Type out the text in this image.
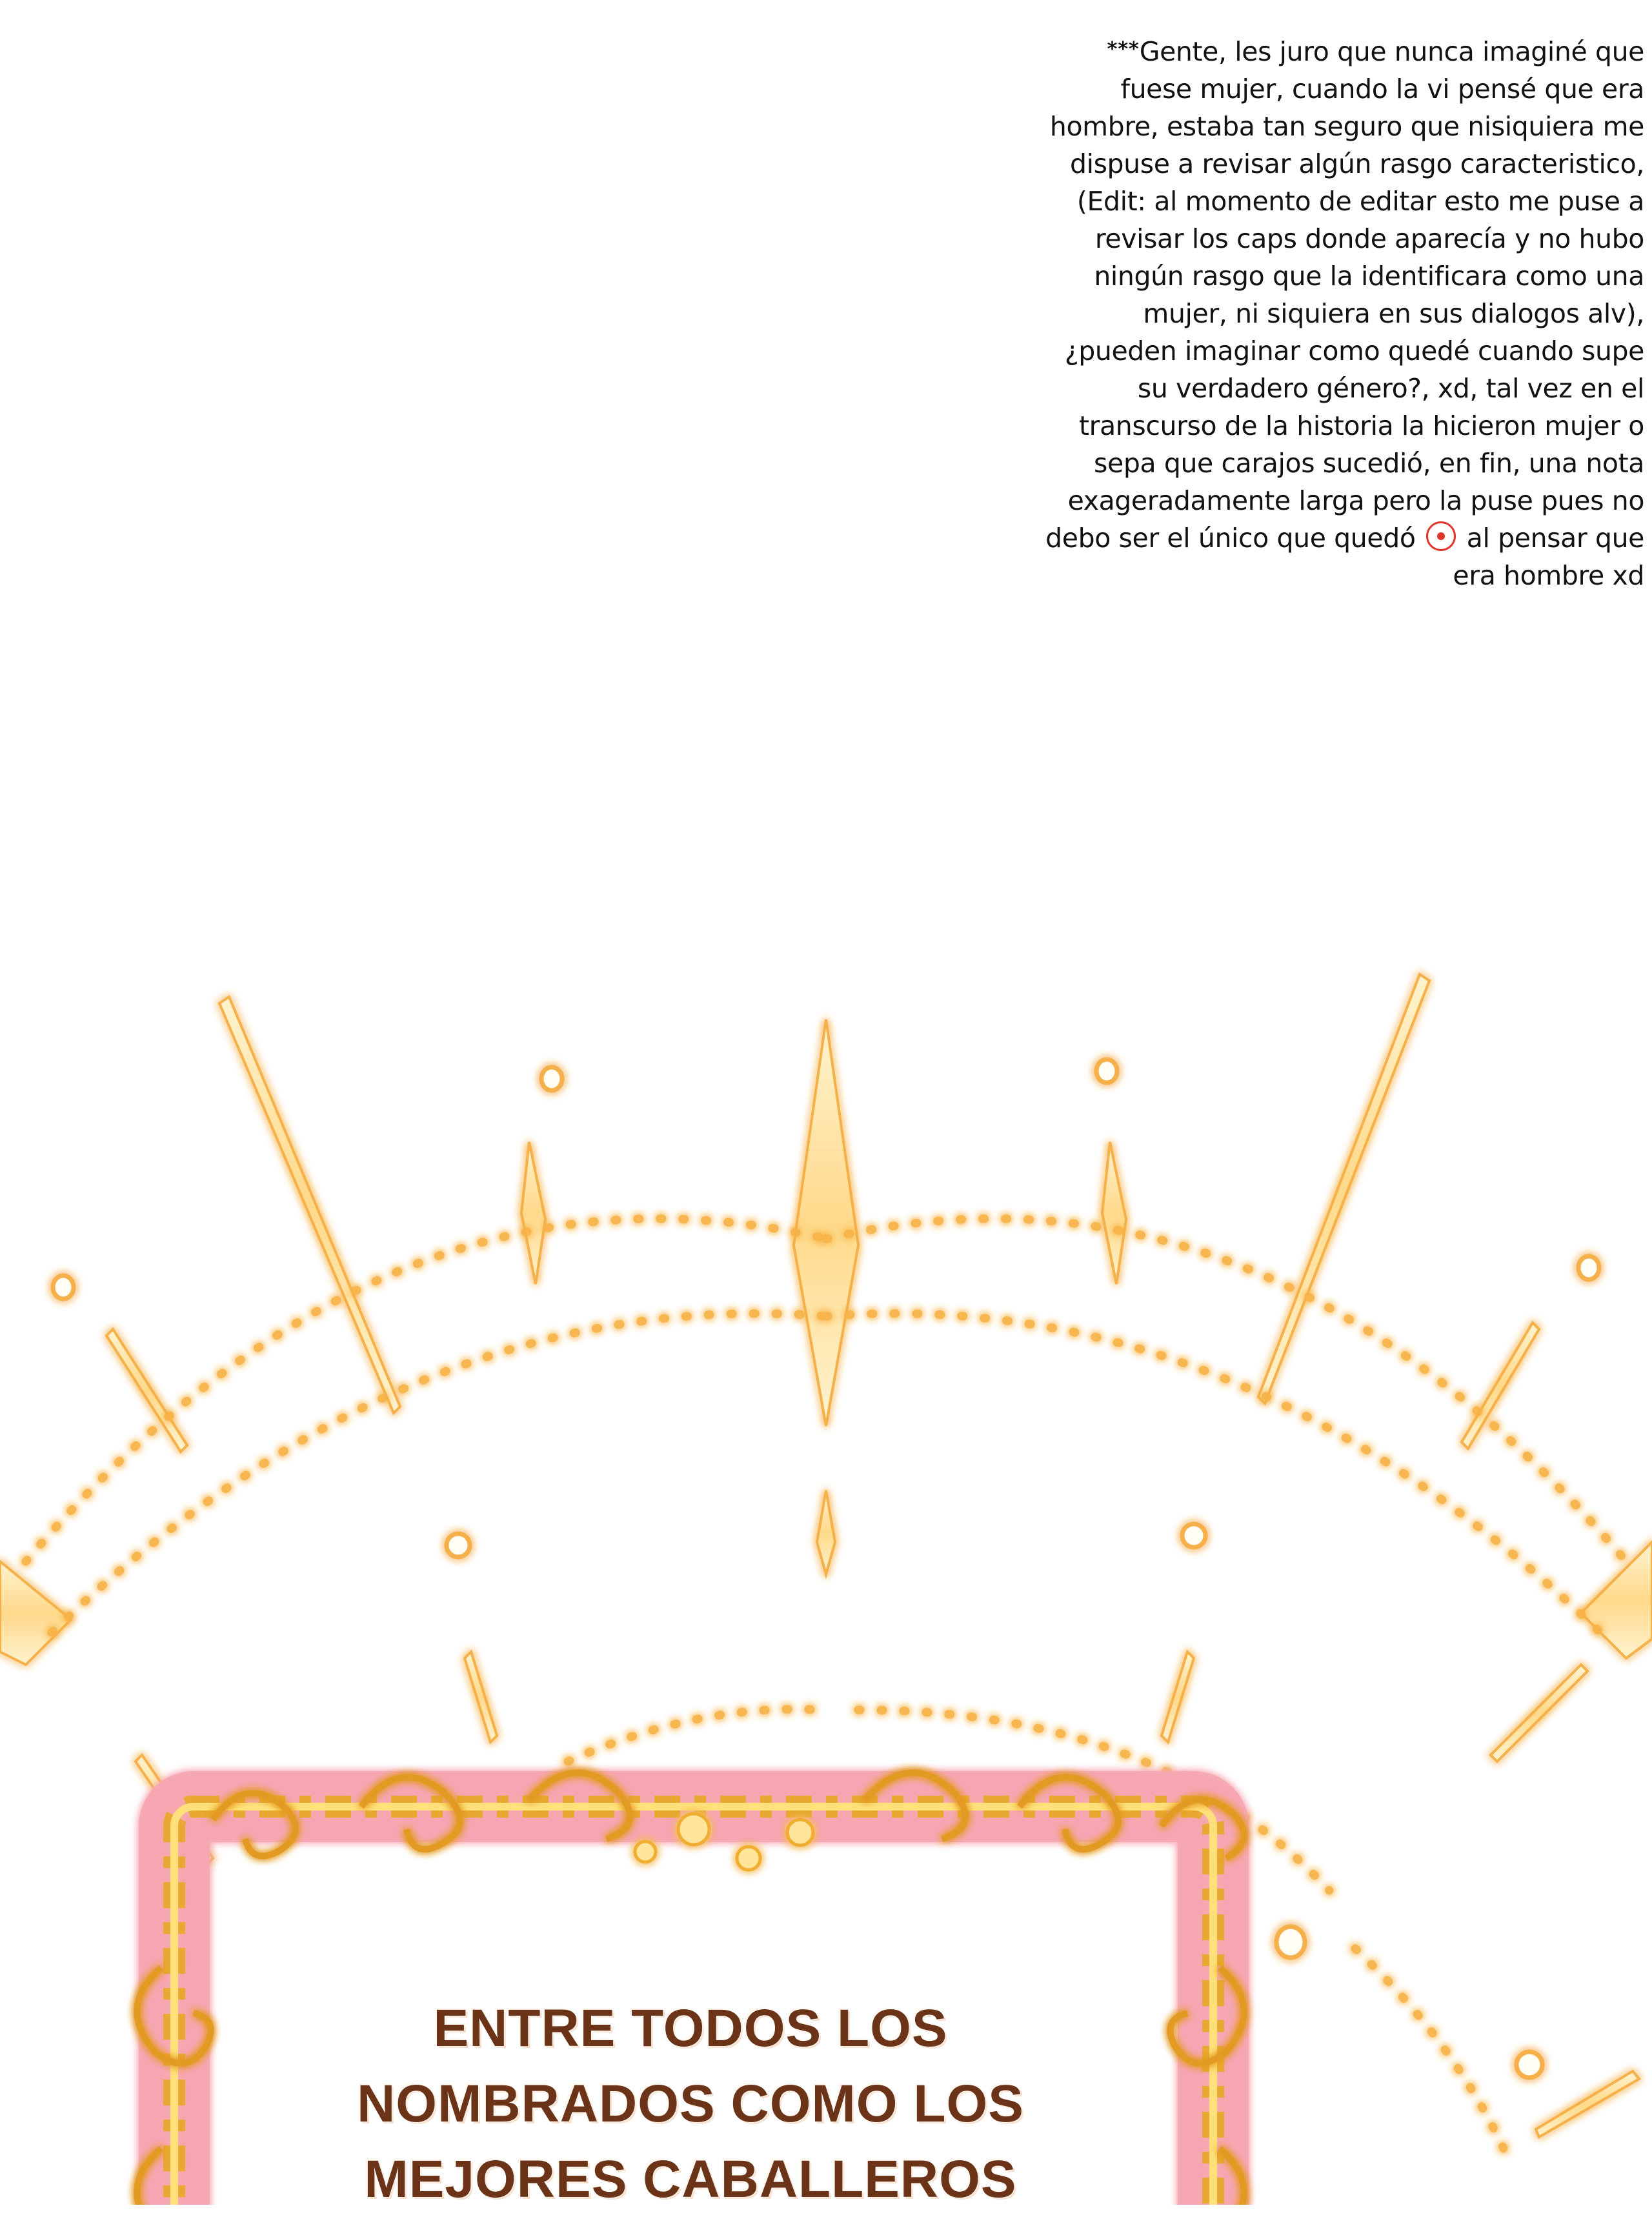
***Gente, les juro que nunca imaginé que fuese mujer, cuando la vi pensé que era hombre, estaba tan seguro que nisiquiera me dispuse a revisar algún rasgo caracteristico, (Edit: al momento de editar esto me puse a revisar los caps donde aparecía y no hubo ningún rasgo que la identificara como una mujer, ni siquiera en sus dialogos alv), ¿pueden imaginar como quedé cuando supe su verdadero género?, xd, tal vez en el transcurso de la historia la hicieron mujer o sepa que carajos sucedió, en fin, una nota exageradamente larga pero la puse pues no debo ser el único que quedó al pensar que era hombre xd
ENTRE TODOS LOS
NOMBRADOS COMO LOS
MEJORES CABALLEROS
